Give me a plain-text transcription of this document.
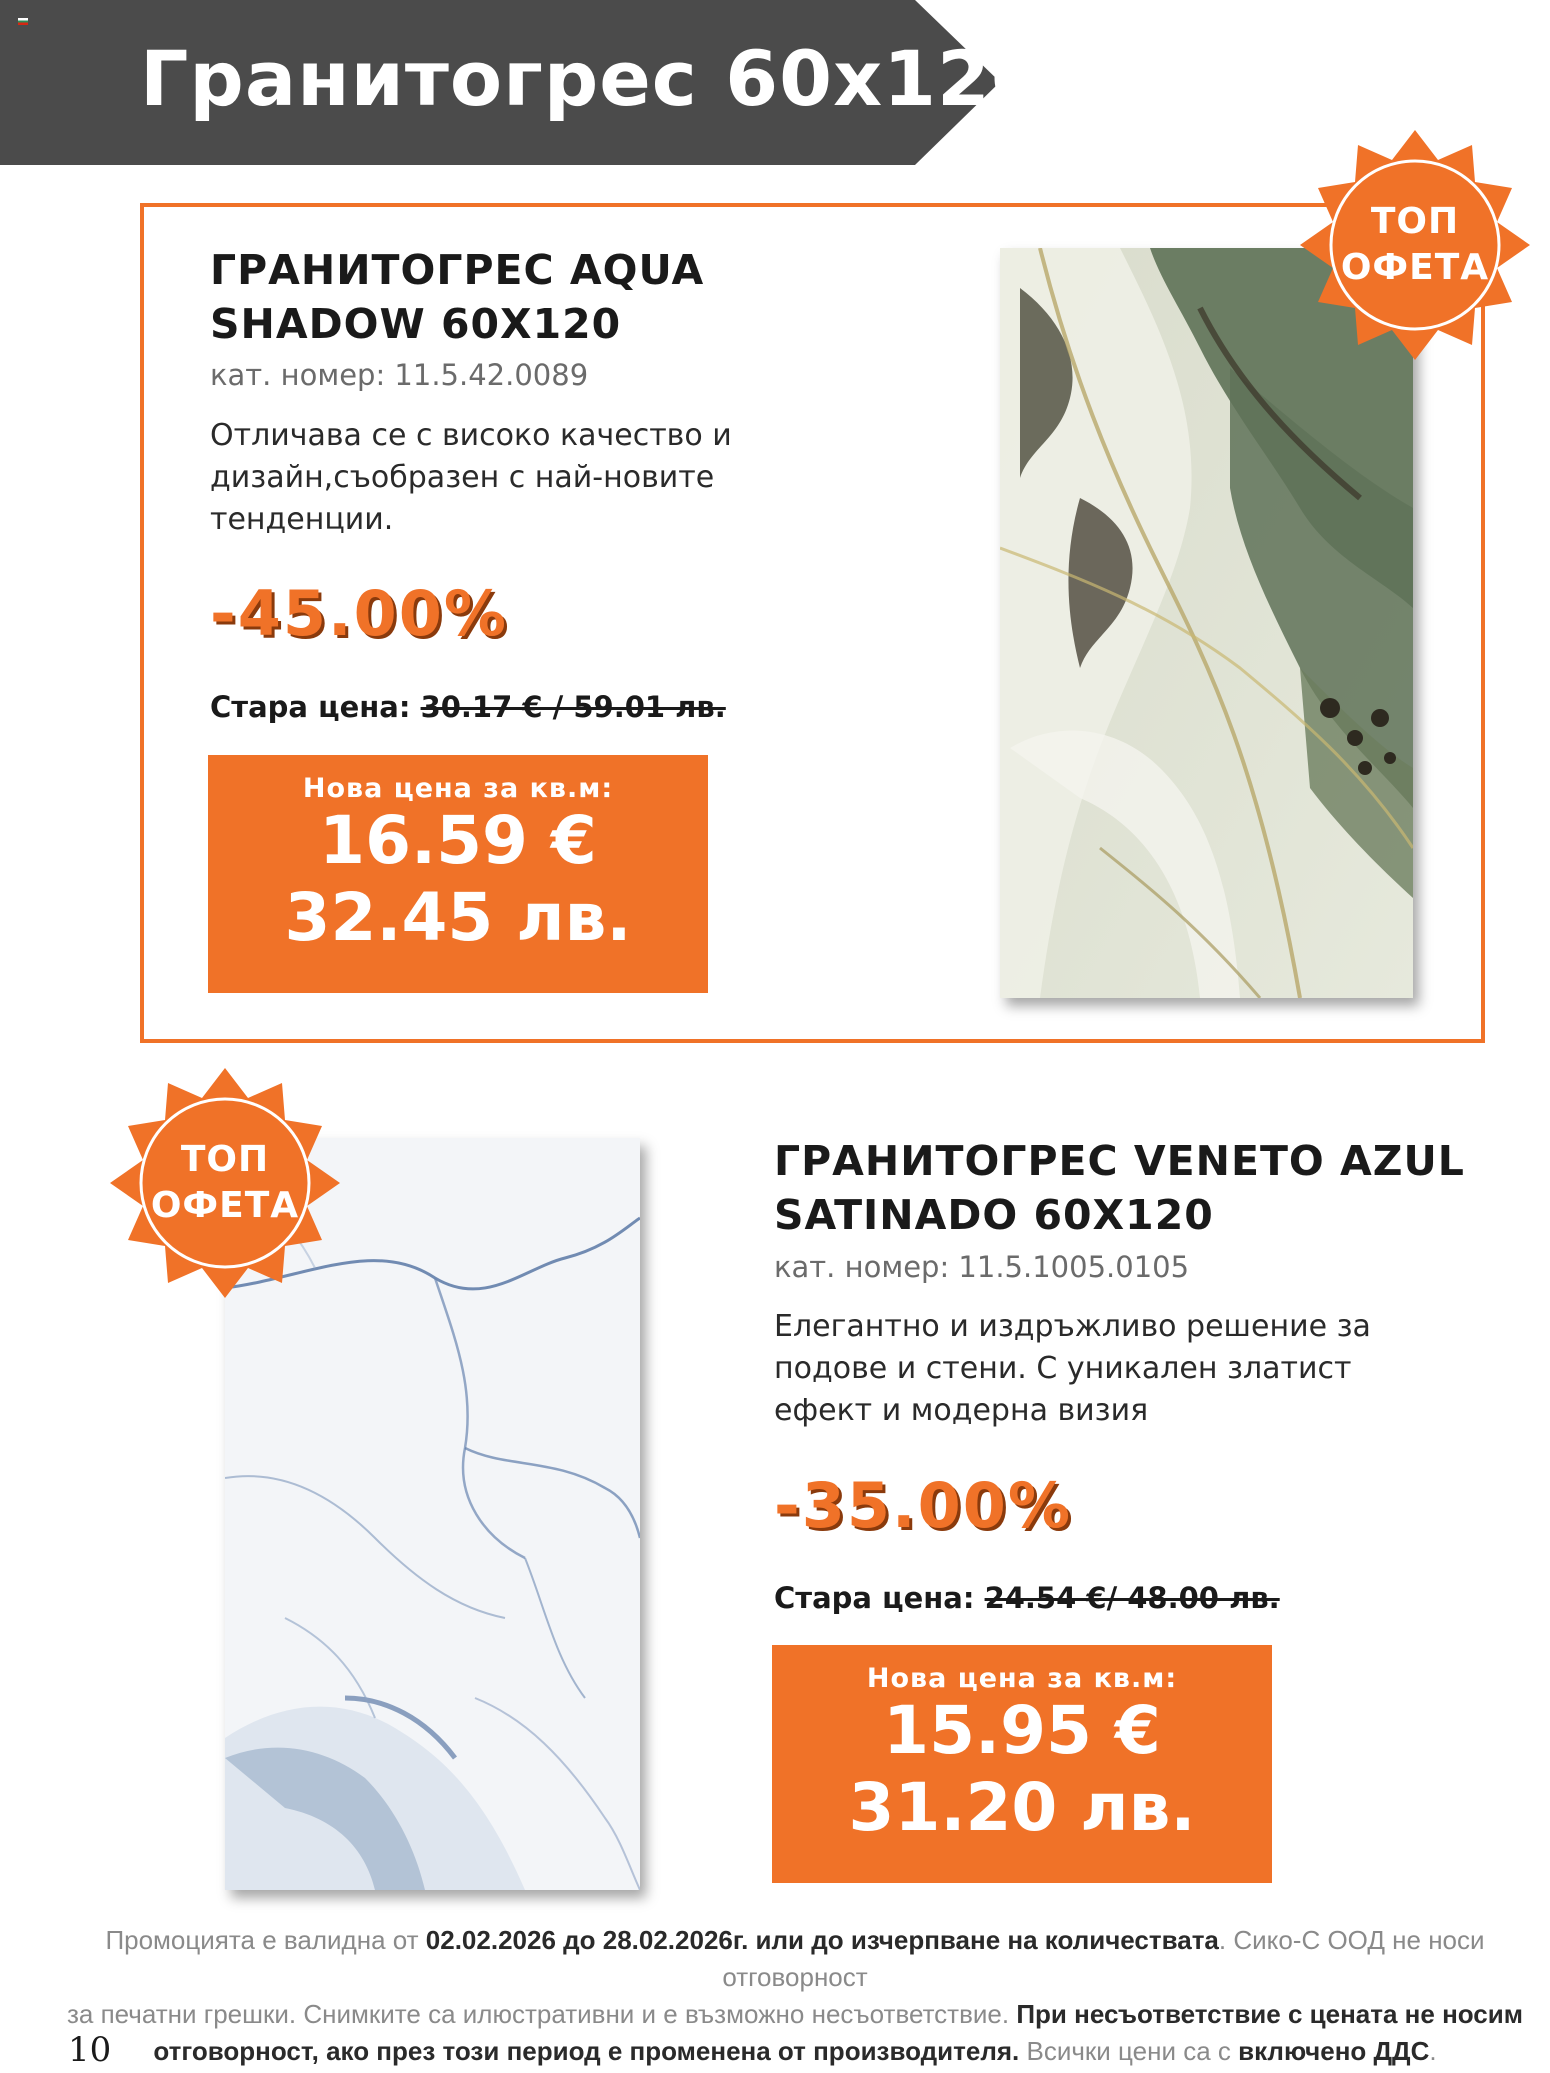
Гранитогрес 60x120
ГРАНИТОГРЕС AQUA
SHADOW 60X120
кат. номер: 11.5.42.0089
Отличава се с високо качество и
дизайн,съобразен с най-новите
тенденции.
-45.00%
Стара цена: 30.17 € / 59.01 лв.
Нова цена за кв.м:
16.59 €
32.45 лв.
ТОП
ОФЕТА
ТОП
ОФЕТА
ГРАНИТОГРЕС VENETO AZUL
SATINADO 60X120
кат. номер: 11.5.1005.0105
Елегантно и издръжливо решение за
подове и стени. С уникален златист
ефект и модерна визия
-35.00%
Стара цена: 24.54 €/ 48.00 лв.
Нова цена за кв.м:
15.95 €
31.20 лв.
Промоцията е валидна от 02.02.2026 до 28.02.2026г. или до изчерпване на количествата. Сико-С ООД не носи отговорност
за печатни грешки. Снимките са илюстративни и е възможно несъответствие. При несъответствие с цената не носим
отговорност, ако през този период е променена от производителя. Всички цени са с включено ДДС.
10
